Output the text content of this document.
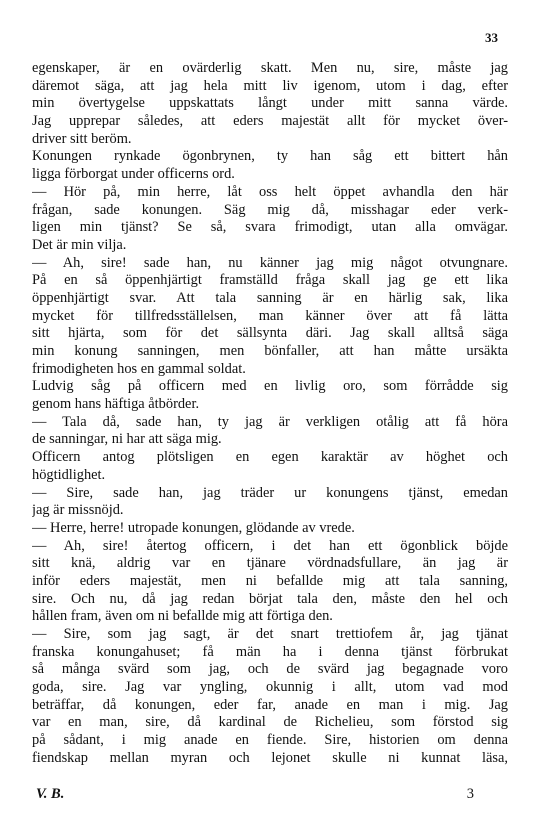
33
egenskaper, är en ovärderlig skatt. Men nu, sire, måste jag
däremot säga, att jag hela mitt liv igenom, utom i dag, efter
min övertygelse uppskattats långt under mitt sanna värde.
Jag upprepar således, att eders majestät allt för mycket över-
driver sitt beröm.
Konungen rynkade ögonbrynen, ty han såg ett bittert hån
ligga förborgat under officerns ord.
— Hör på, min herre, låt oss helt öppet avhandla den här
frågan, sade konungen. Säg mig då, misshagar eder verk-
ligen min tjänst? Se så, svara frimodigt, utan alla omvägar.
Det är min vilja.
— Ah, sire! sade han, nu känner jag mig något otvungnare.
På en så öppenhjärtigt framställd fråga skall jag ge ett lika
öppenhjärtigt svar. Att tala sanning är en härlig sak, lika
mycket för tillfredsställelsen, man känner över att få lätta
sitt hjärta, som för det sällsynta däri. Jag skall alltså säga
min konung sanningen, men bönfaller, att han måtte ursäkta
frimodigheten hos en gammal soldat.
Ludvig såg på officern med en livlig oro, som förrådde sig
genom hans häftiga åtbörder.
— Tala då, sade han, ty jag är verkligen otålig att få höra
de sanningar, ni har att säga mig.
Officern antog plötsligen en egen karaktär av höghet och
högtidlighet.
— Sire, sade han, jag träder ur konungens tjänst, emedan
jag är missnöjd.
— Herre, herre! utropade konungen, glödande av vrede.
— Ah, sire! återtog officern, i det han ett ögonblick böjde
sitt knä, aldrig var en tjänare vördnadsfullare, än jag är
inför eders majestät, men ni befallde mig att tala sanning,
sire. Och nu, då jag redan börjat tala den, måste den hel och
hållen fram, även om ni befallde mig att förtiga den.
— Sire, som jag sagt, är det snart trettiofem år, jag tjänat
franska konungahuset; få män ha i denna tjänst förbrukat
så många svärd som jag, och de svärd jag begagnade voro
goda, sire. Jag var yngling, okunnig i allt, utom vad mod
beträffar, då konungen, eder far, anade en man i mig. Jag
var en man, sire, då kardinal de Richelieu, som förstod sig
på sådant, i mig anade en fiende. Sire, historien om denna
fiendskap mellan myran och lejonet skulle ni kunnat läsa,
V. B.	3
